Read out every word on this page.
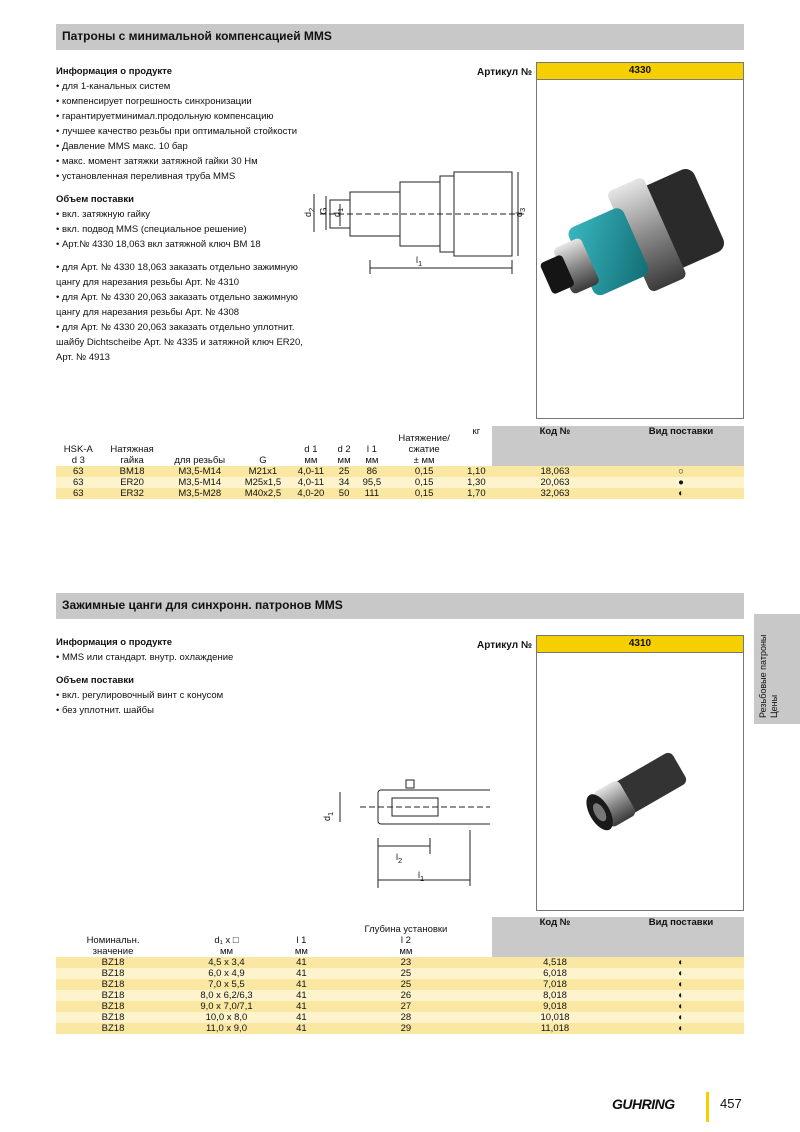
Патроны с минимальной компенсацией MMS
Информация о продукте
• для 1-канальных систем
• компенсирует погрешность синхронизации
• гарантируетминимал.продольную компенсацию
• лучшее качество резьбы при оптимальной стойкости
• Давление MMS макс. 10 бар
• макс. момент затяжки затяжной гайки 30 Нм
• установленная переливная труба MMS
Объем поставки
• вкл. затяжную гайку
• вкл. подвод MMS (специальное решение)
• Арт.№ 4330 18,063 вкл затяжной ключ BM 18
• для Арт. № 4330 18,063 заказать отдельно зажимную цангу для нарезания резьбы Арт. № 4310
• для Арт. № 4330 20,063 заказать отдельно зажимную цангу для нарезания резьбы Арт. № 4308
• для Арт. № 4330 20,063 заказать отдельно уплотнит. шайбу Dichtscheibe Арт. № 4335 и затяжной ключ ER20, Арт. № 4913
Артикул №	4330
$d_2$ G $d_1$
$d_3$
$l_1$
HSK-A
d 3	Натяжная
гайка	для резьбы	G	d 1
мм	d 2
мм	l 1
мм	Натяжение/
сжатие
± мм	кг	Код №	Вид поставки
63	BM18	M3,5-M14	M21x1	4,0-11	25	86	0,15	1,10	18,063	○
63	ER20	M3,5-M14	M25x1,5	4,0-11	34	95,5	0,15	1,30	20,063	●
63	ER32	M3,5-M28	M40x2,5	4,0-20	50	111	0,15	1,70	32,063	◐
Зажимные цанги для синхронн. патронов MMS
Информация о продукте
• MMS или стандарт. внутр. охлаждение
Объем поставки
• вкл. регулировочный винт с конусом
• без уплотнит. шайбы
Артикул №	4310
$d_1$
$l_2$
$l_1$
Номинальн.
значение	d₁ x □
мм	l 1
мм	Глубина установки
l 2
мм	Код №	Вид поставки
BZ18	4,5 x 3,4	41	23	4,518	◐
BZ18	6,0 x 4,9	41	25	6,018	◐
BZ18	7,0 x 5,5	41	25	7,018	◐
BZ18	8,0 x 6,2/6,3	41	26	8,018	◐
BZ18	9,0 x 7,0/7,1	41	27	9,018	◐
BZ18	10,0 x 8,0	41	28	10,018	◐
BZ18	11,0 x 9,0	41	29	11,018	◐
Резьбовые патроны Цены
GUHRING	457
